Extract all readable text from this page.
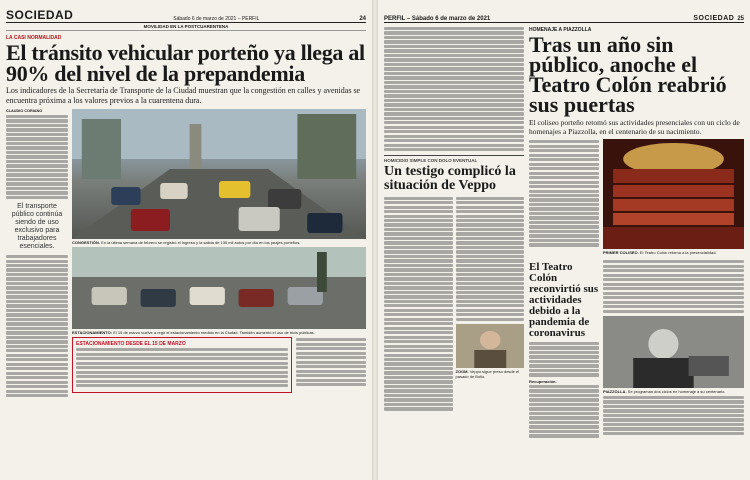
SOCIEDAD	Sábado 6 de marzo de 2021 – PERFIL	24
MOVILIDAD EN LA POSTCUARENTENA
LA CASI NORMALIDAD
El tránsito vehicular porteño ya llega al 90% del nivel de la prepandemia
Los indicadores de la Secretaría de Transporte de la Ciudad muestran que la congestión en calles y avenidas se encuentra próxima a los valores previos a la cuarentena dura.
CLAUDIO CORIANO
El transporte público continúa siendo de uso exclusivo para trabajadores esenciales.
CONGESTIÓN. En la última semana de febrero se registró el ingreso y la salida de 135 mil autos por día en los peajes porteños.
ESTACIONAMIENTO: El 15 de marzo vuelve a regir el estacionamiento medido en la Ciudad. También aumentó el uso de bicis públicas.
ESTACIONAMIENTO DESDE EL 15 DE MARZO
PERFIL – Sábado 6 de marzo de 2021	SOCIEDAD 25
HOMICIDIO SIMPLE CON DOLO EVENTUAL
Un testigo complicó la situación de Veppo
ZOOM. Veppo sigue preso desde el pasado de Bollo.
HOMENAJE A PIAZZOLLA
Tras un año sin público, anoche el Teatro Colón reabrió sus puertas
El coliseo porteño retomó sus actividades presenciales con un ciclo de homenajes a Piazzolla, en el centenario de su nacimiento.
PRIMER COLISEO. El Teatro Colón retorna a la presencialidad.
El Teatro Colón reconvirtió sus actividades debido a la pandemia de coronavirus
Recuperación.
PIAZZOLLA. Se programan dos ciclos en homenaje a su centenario.
